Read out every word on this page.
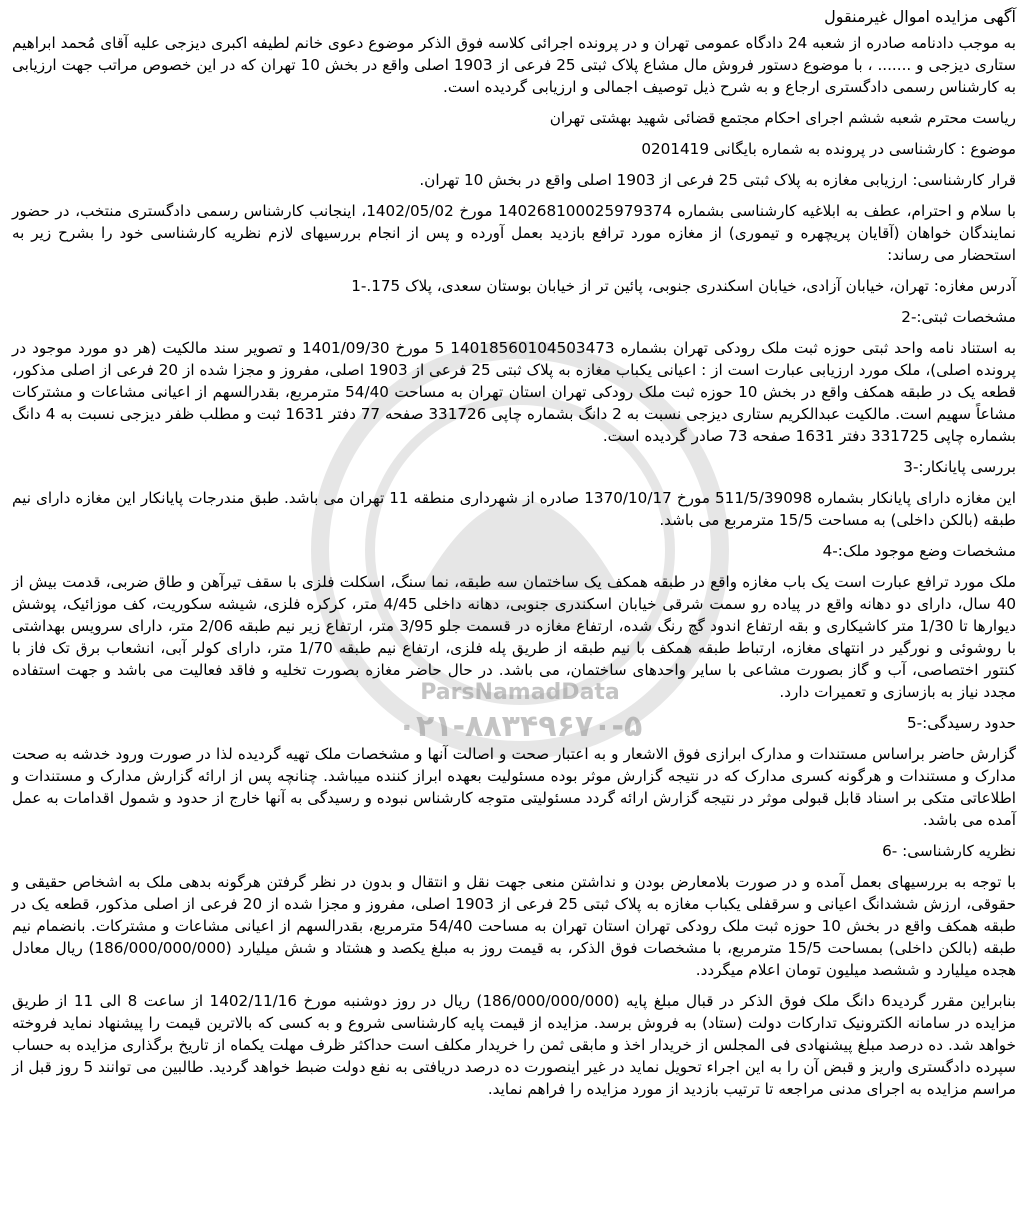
ParsNamadData
۰۲۱-۸۸۳۴۹۶۷۰-۵
آگهی مزایده اموال غیرمنقول

به موجب دادنامه صادره از شعبه 24 دادگاه عمومی تهران و در پرونده اجرائی کلاسه فوق الذکر موضوع دعوی خانم لطیفه اکبری دیزجی علیه آقای مُحمد ابراهیم ستاری دیزجی و ....... ، با موضوع دستور فروش مال مشاع پلاک ثبتی 25 فرعی از 1903 اصلی واقع در بخش 10 تهران که در این خصوص مراتب جهت ارزیابی به کارشناس رسمی دادگستری ارجاع و به شرح ذیل توصیف اجمالی و ارزیابی گردیده است.

ریاست محترم شعبه ششم اجرای احکام مجتمع قضائی شهید بهشتی تهران

موضوع : کارشناسی در پرونده به شماره بایگانی 0201419

قرار کارشناسی: ارزیابی مغازه به پلاک ثبتی 25 فرعی از 1903 اصلی واقع در بخش 10 تهران.

با سلام و احترام، عطف به ابلاغیه کارشناسی بشماره 140268100025979374 مورخ 1402/05/02، اینجانب کارشناس رسمی دادگستری منتخب، در حضور نمایندگان خواهان (آقایان پریچهره و تیموری) از مغازه مورد ترافع بازدید بعمل آورده و پس از انجام بررسیهای لازم نظریه کارشناسی خود را بشرح زیر به استحضار می رساند:

آدرس مغازه: تهران، خیابان آزادی، خیابان اسکندری جنوبی، پائین تر از خیابان بوستان سعدی، پلاک 175.-1

مشخصات ثبتی:-2

به استناد نامه واحد ثبتی حوزه ثبت ملک رودکی تهران بشماره 14018560104503473 5 مورخ 1401/09/30 و تصویر سند مالکیت (هر دو مورد موجود در پرونده اصلی)، ملک مورد ارزیابی عبارت است از : اعیانی یکباب مغازه به پلاک ثبتی 25 فرعی از 1903 اصلی، مفروز و مجزا شده از 20 فرعی از اصلی مذکور، قطعه یک در طبقه همکف واقع در بخش 10 حوزه ثبت ملک رودکی تهران استان تهران به مساحت 54/40 مترمربع، بقدرالسهم از اعیانی مشاعات و مشترکات مشاعاً سهیم است. مالکیت عبدالکریم ستاری دیزجی نسبت به 2 دانگ بشماره چاپی 331726 صفحه 77 دفتر 1631 ثبت و مطلب ظفر دیزجی نسبت به 4 دانگ بشماره چاپی 331725 دفتر 1631 صفحه 73 صادر گردیده است.

بررسی پایانکار:-3

این مغازه دارای پایانکار بشماره 511/5/39098 مورخ 1370/10/17 صادره از شهرداری منطقه 11 تهران می باشد. طبق مندرجات پایانکار این مغازه دارای نیم طبقه (بالکن داخلی) به مساحت 15/5 مترمربع می باشد.

مشخصات وضع موجود ملک:-4

ملک مورد ترافع عبارت است یک باب مغازه واقع در طبقه همکف یک ساختمان سه طبقه، نما سنگ، اسکلت فلزی با سقف تیرآهن و طاق ضربی، قدمت بیش از 40 سال، دارای دو دهانه واقع در پیاده رو سمت شرقی خیابان اسکندری جنوبی، دهانه داخلی 4/45 متر، کرکره فلزی، شیشه سکوریت، کف موزائیک، پوشش دیوارها تا 1/30 متر کاشیکاری و بقه ارتفاع اندود گچ رنگ شده، ارتفاع مغازه در قسمت جلو 3/95 متر، ارتفاع زیر نیم طبقه 2/06 متر، دارای سرویس بهداشتی با روشوئی و نورگیر در انتهای مغازه، ارتباط طبقه همکف با نیم طبقه از طریق پله فلزی، ارتفاع نیم طبقه 1/70 متر، دارای کولر آبی، انشعاب برق تک فاز با کنتور اختصاصی، آب و گاز بصورت مشاعی با سایر واحدهای ساختمان، می باشد. در حال حاضر مغازه بصورت تخلیه و فاقد فعالیت می باشد و جهت استفاده مجدد نیاز به بازسازی و تعمیرات دارد.

حدود رسیدگی:-5

گزارش حاضر براساس مستندات و مدارک ابرازی فوق الاشعار و به اعتبار صحت و اصالت آنها و مشخصات ملک تهیه گردیده لذا در صورت ورود خدشه به صحت مدارک و مستندات و هرگونه کسری مدارک که در نتیجه گزارش موثر بوده مسئولیت بعهده ابراز کننده میباشد. چنانچه پس از ارائه گزارش مدارک و مستندات و اطلاعاتی متکی بر اسناد قابل قبولی موثر در نتیجه گزارش ارائه گردد مسئولیتی متوجه کارشناس نبوده و رسیدگی به آنها خارج از حدود و شمول اقدامات به عمل آمده می باشد.

نظریه کارشناسی: -6

با توجه به بررسیهای بعمل آمده و در صورت بلامعارض بودن و نداشتن منعی جهت نقل و انتقال و بدون در نظر گرفتن هرگونه بدهی ملک به اشخاص حقیقی و حقوقی، ارزش ششدانگ اعیانی و سرقفلی یکباب مغازه به پلاک ثبتی 25 فرعی از 1903 اصلی، مفروز و مجزا شده از 20 فرعی از اصلی مذکور، قطعه یک در طبقه همکف واقع در بخش 10 حوزه ثبت ملک رودکی تهران استان تهران به مساحت 54/40 مترمربع، بقدرالسهم از اعیانی مشاعات و مشترکات. بانضمام نیم طبقه (بالکن داخلی) بمساحت 15/5 مترمربع، با مشخصات فوق الذکر، به قیمت روز به مبلغ یکصد و هشتاد و شش میلیارد (186/000/000/000) ریال معادل هجده میلیارد و ششصد میلیون تومان اعلام میگردد.

بنابراین مقرر گردید6 دانگ ملک فوق الذکر در قبال مبلغ پایه (186/000/000/000) ریال در روز دوشنبه مورخ 1402/11/16 از ساعت 8 الی 11 از طریق مزایده در سامانه الکترونیک تدارکات دولت (ستاد) به فروش برسد. مزایده از قیمت پایه کارشناسی شروع و به کسی که بالاترین قیمت را پیشنهاد نماید فروخته خواهد شد. ده درصد مبلغ پیشنهادی فی المجلس از خریدار اخذ و مابقی ثمن را خریدار مکلف است حداکثر ظرف مهلت یکماه از تاریخ برگذاری مزایده به حساب سپرده دادگستری واریز و قبض آن را به این اجراء تحویل نماید در غیر اینصورت ده درصد دریافتی به نفع دولت ضبط خواهد گردید. طالبین می توانند 5 روز قبل از مراسم مزایده به اجرای مدنی مراجعه تا ترتیب بازدید از مورد مزایده را فراهم نماید.
